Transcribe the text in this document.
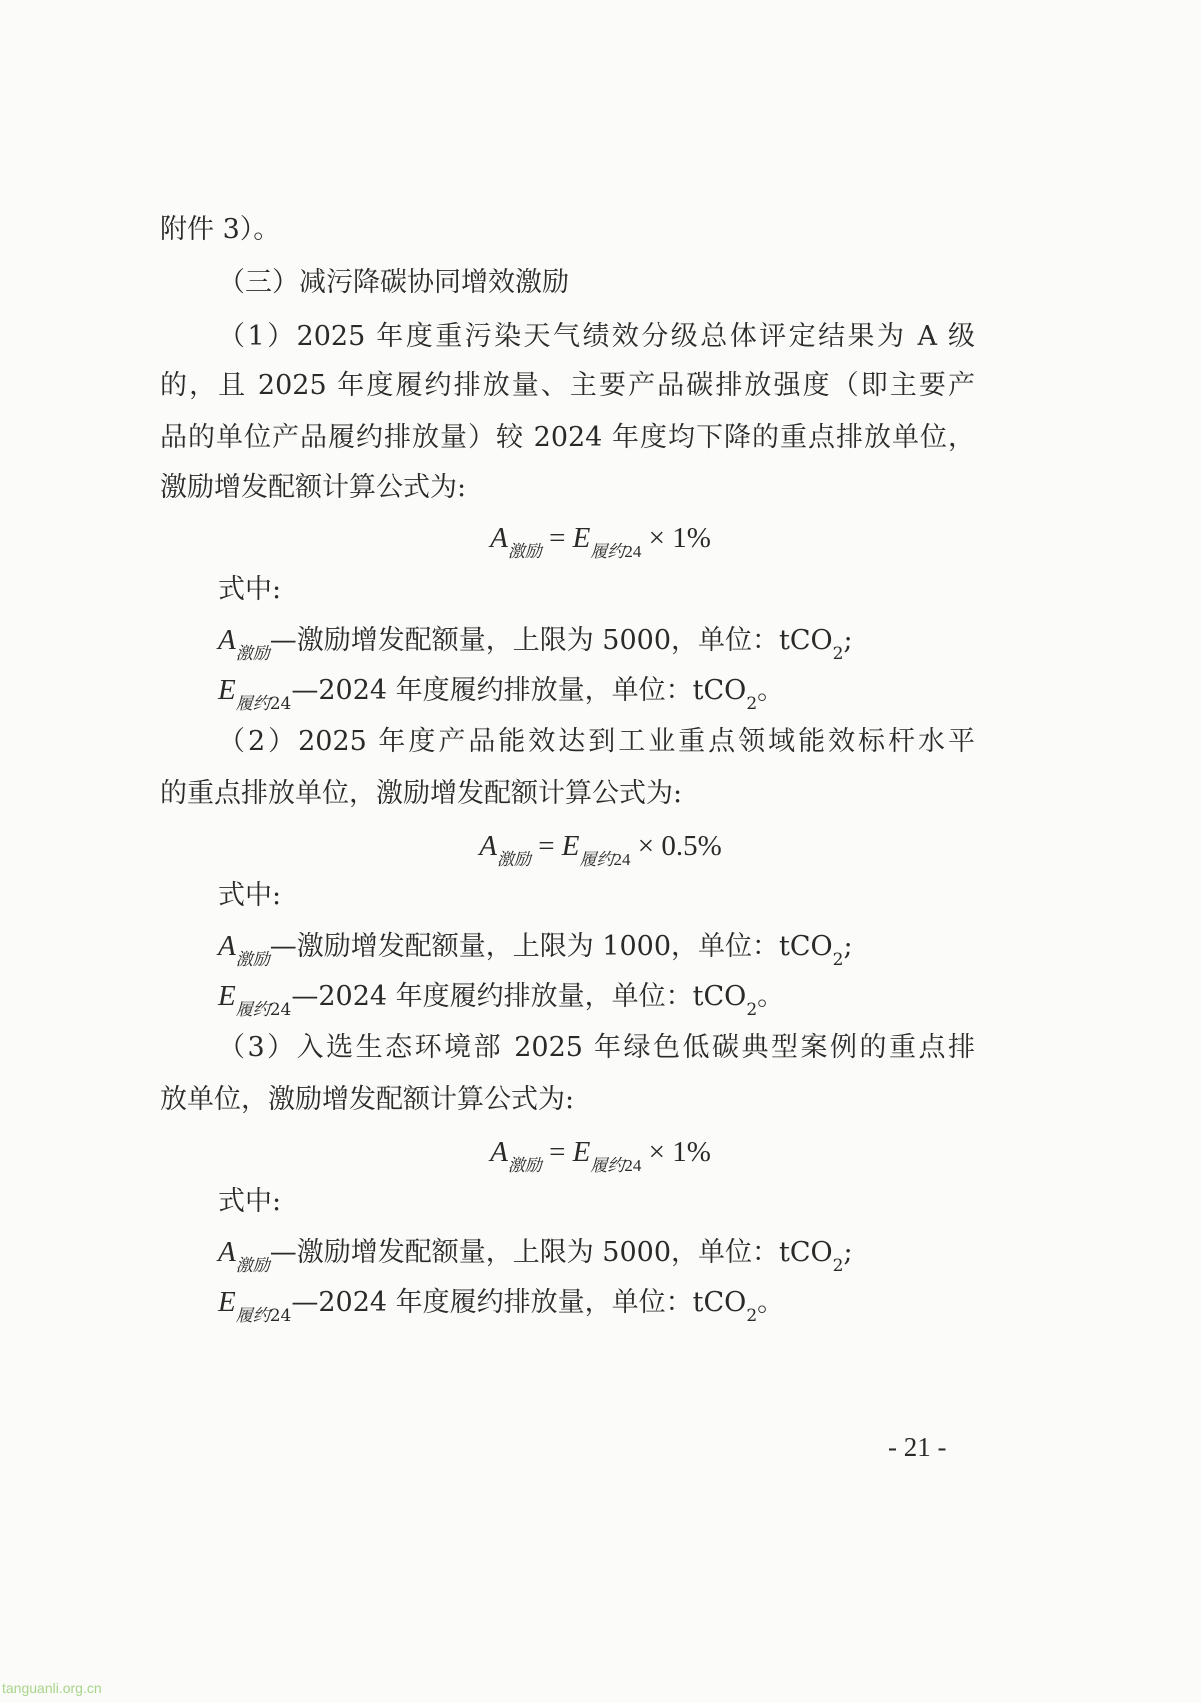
附件 3）。
（三）减污降碳协同增效激励
（1）2025 年度重污染天气绩效分级总体评定结果为 A 级
的，且 2025 年度履约排放量、主要产品碳排放强度（即主要产
品的单位产品履约排放量）较 2024 年度均下降的重点排放单位，
激励增发配额计算公式为:
$A_{激励} = E_{履约24} \times 1\%$
式中:
$A_{激励}—$激励增发配额量，上限为 5000，单位：tCO$_2$;
$E_{履约24}—2024$ 年度履约排放量，单位：tCO$_2$。
（2）2025 年度产品能效达到工业重点领域能效标杆水平
的重点排放单位，激励增发配额计算公式为:
$A_{激励} = E_{履约24} \times 0.5\%$
式中:
$A_{激励}—$激励增发配额量，上限为 1000，单位：tCO$_2$;
$E_{履约24}—2024$ 年度履约排放量，单位：tCO$_2$。
（3）入选生态环境部 2025 年绿色低碳典型案例的重点排
放单位，激励增发配额计算公式为:
$A_{激励} = E_{履约24} \times 1\%$
式中:
$A_{激励}—$激励增发配额量，上限为 5000，单位：tCO$_2$;
$E_{履约24}—2024$ 年度履约排放量，单位：tCO$_2$。
- 21 -
tanguanli.org.cn
